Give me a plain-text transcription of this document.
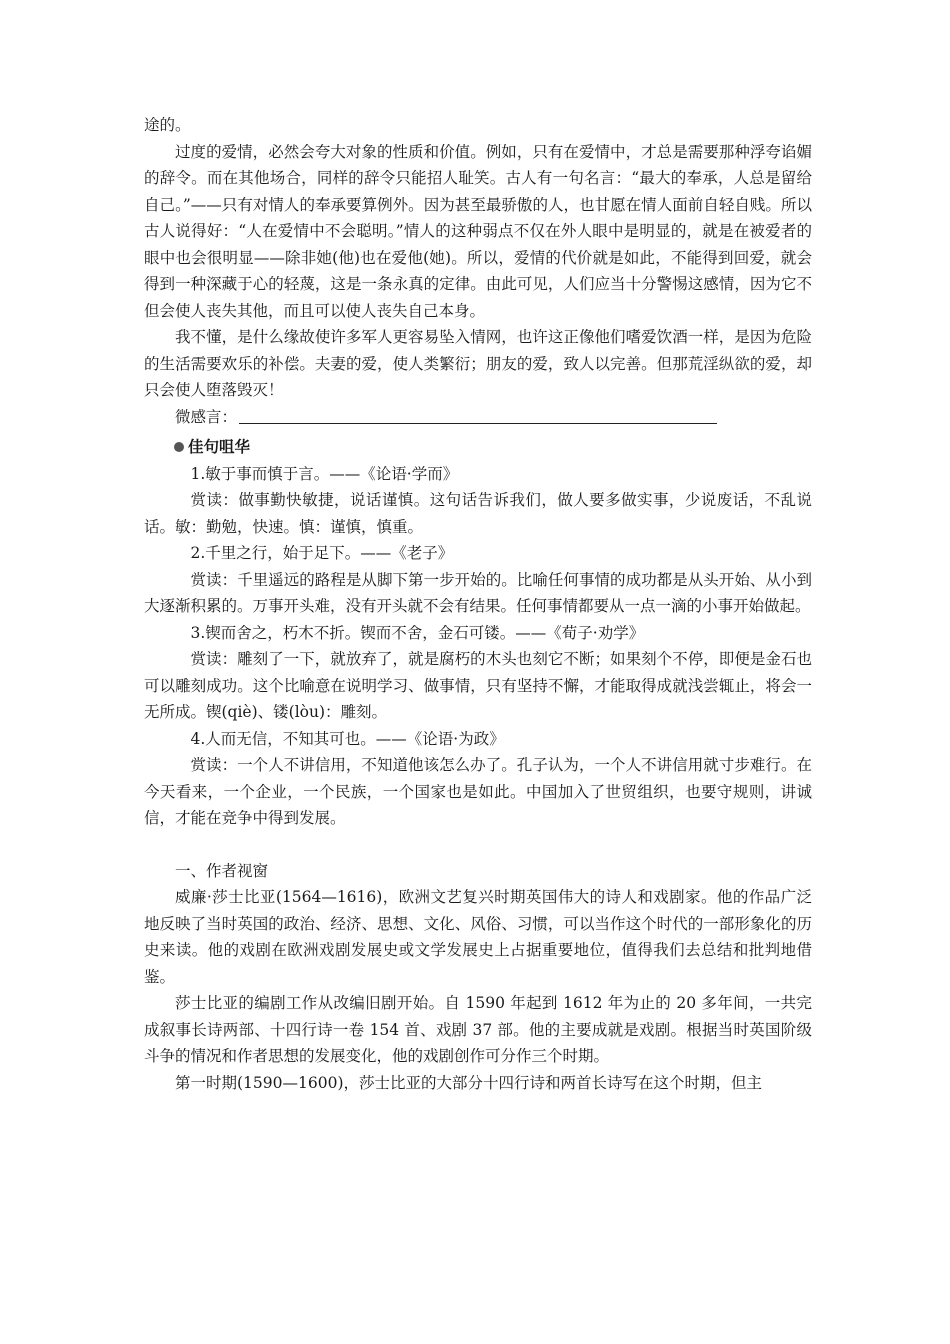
途的。

过度的爱情，必然会夸大对象的性质和价值。例如，只有在爱情中，才总是需要那种浮夸谄媚的辞令。而在其他场合，同样的辞令只能招人耻笑。古人有一句名言：“最大的奉承，人总是留给自己。”——只有对情人的奉承要算例外。因为甚至最骄傲的人，也甘愿在情人面前自轻自贱。所以古人说得好：“人在爱情中不会聪明。”情人的这种弱点不仅在外人眼中是明显的，就是在被爱者的眼中也会很明显——除非她(他)也在爱他(她)。所以，爱情的代价就是如此，不能得到回爱，就会得到一种深藏于心的轻蔑，这是一条永真的定律。由此可见，人们应当十分警惕这感情，因为它不但会使人丧失其他，而且可以使人丧失自己本身。

我不懂，是什么缘故使许多军人更容易坠入情网，也许这正像他们嗜爱饮酒一样，是因为危险的生活需要欢乐的补偿。夫妻的爱，使人类繁衍；朋友的爱，致人以完善。但那荒淫纵欲的爱，却只会使人堕落毁灭！

微感言：

佳句咀华

1.敏于事而慎于言。——《论语·学而》

赏读：做事勤快敏捷，说话谨慎。这句话告诉我们，做人要多做实事，少说废话，不乱说话。敏：勤勉，快速。慎：谨慎，慎重。

2.千里之行，始于足下。——《老子》

赏读：千里遥远的路程是从脚下第一步开始的。比喻任何事情的成功都是从头开始、从小到大逐渐积累的。万事开头难，没有开头就不会有结果。任何事情都要从一点一滴的小事开始做起。

3.锲而舍之，朽木不折。锲而不舍，金石可镂。——《荀子·劝学》

赏读：雕刻了一下，就放弃了，就是腐朽的木头也刻它不断；如果刻个不停，即便是金石也可以雕刻成功。这个比喻意在说明学习、做事情，只有坚持不懈，才能取得成就浅尝辄止，将会一无所成。锲(qiè)、镂(lòu)：雕刻。

4.人而无信，不知其可也。——《论语·为政》

赏读：一个人不讲信用，不知道他该怎么办了。孔子认为，一个人不讲信用就寸步难行。在今天看来，一个企业，一个民族，一个国家也是如此。中国加入了世贸组织，也要守规则，讲诚信，才能在竞争中得到发展。

一、作者视窗

威廉·莎士比亚(1564—1616)，欧洲文艺复兴时期英国伟大的诗人和戏剧家。他的作品广泛地反映了当时英国的政治、经济、思想、文化、风俗、习惯，可以当作这个时代的一部形象化的历史来读。他的戏剧在欧洲戏剧发展史或文学发展史上占据重要地位，值得我们去总结和批判地借鉴。

莎士比亚的编剧工作从改编旧剧开始。自 1590 年起到 1612 年为止的 20 多年间，一共完成叙事长诗两部、十四行诗一卷 154 首、戏剧 37 部。他的主要成就是戏剧。根据当时英国阶级斗争的情况和作者思想的发展变化，他的戏剧创作可分作三个时期。

第一时期(1590—1600)，莎士比亚的大部分十四行诗和两首长诗写在这个时期，但主
